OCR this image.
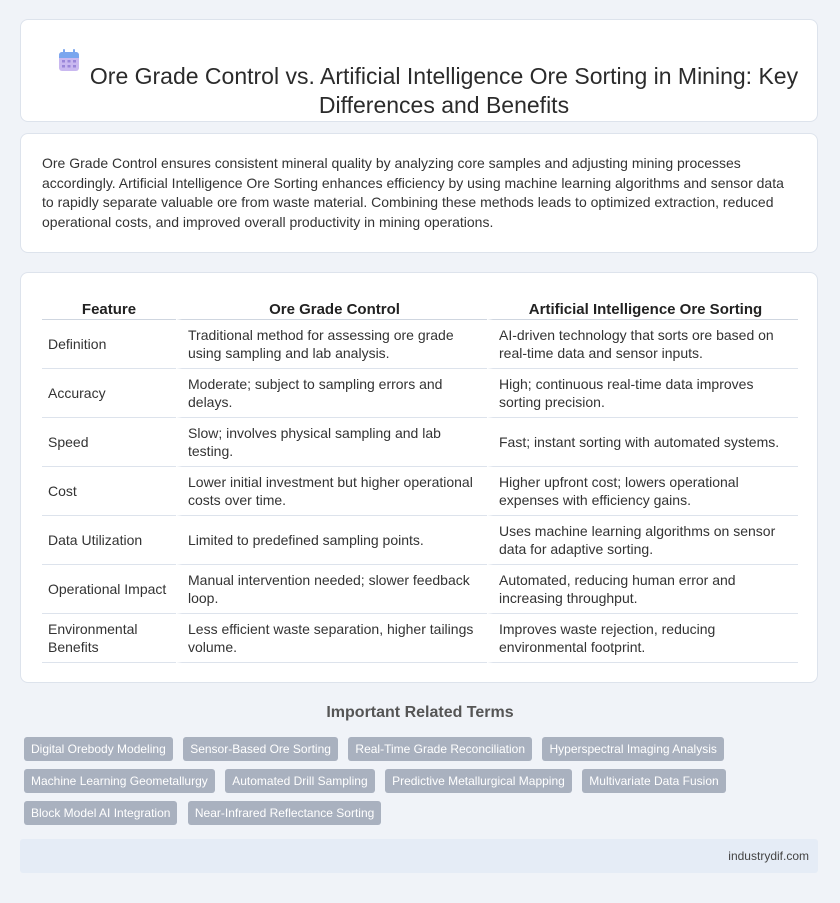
Ore Grade Control vs. Artificial Intelligence Ore Sorting in Mining: Key Differences and Benefits

Ore Grade Control ensures consistent mineral quality by analyzing core samples and adjusting mining processes accordingly. Artificial Intelligence Ore Sorting enhances efficiency by using machine learning algorithms and sensor data to rapidly separate valuable ore from waste material. Combining these methods leads to optimized extraction, reduced operational costs, and improved overall productivity in mining operations.

Feature	Ore Grade Control	Artificial Intelligence Ore Sorting
Definition	Traditional method for assessing ore grade using sampling and lab analysis.	AI-driven technology that sorts ore based on real-time data and sensor inputs.
Accuracy	Moderate; subject to sampling errors and delays.	High; continuous real-time data improves sorting precision.
Speed	Slow; involves physical sampling and lab testing.	Fast; instant sorting with automated systems.
Cost	Lower initial investment but higher operational costs over time.	Higher upfront cost; lowers operational expenses with efficiency gains.
Data Utilization	Limited to predefined sampling points.	Uses machine learning algorithms on sensor data for adaptive sorting.
Operational Impact	Manual intervention needed; slower feedback loop.	Automated, reducing human error and increasing throughput.
Environmental Benefits	Less efficient waste separation, higher tailings volume.	Improves waste rejection, reducing environmental footprint.
Important Related Terms
Digital Orebody Modeling Sensor-Based Ore Sorting Real-Time Grade Reconciliation Hyperspectral Imaging Analysis Machine Learning Geometallurgy Automated Drill Sampling Predictive Metallurgical Mapping Multivariate Data Fusion Block Model AI Integration Near-Infrared Reflectance Sorting
industrydif.com
